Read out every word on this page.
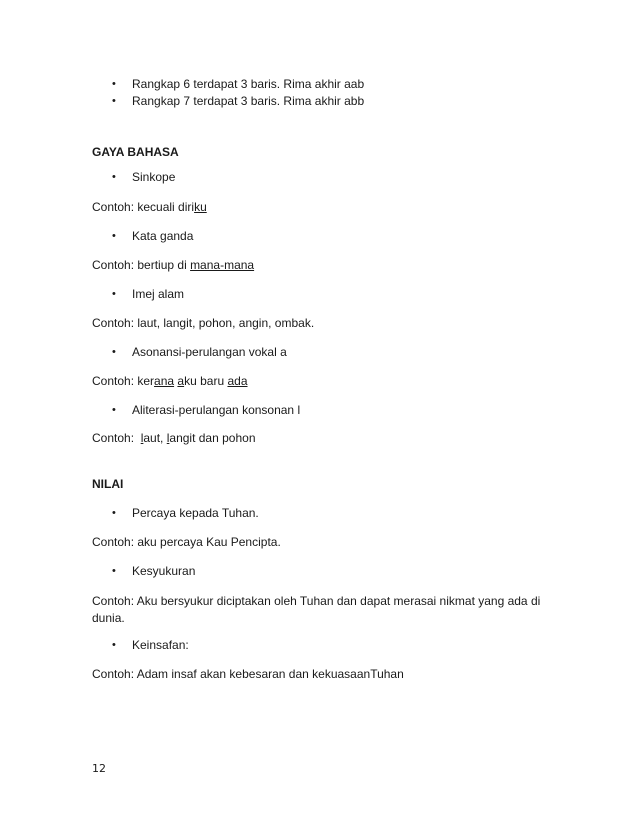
• Rangkap 6 terdapat 3 baris. Rima akhir aab
• Rangkap 7 terdapat 3 baris. Rima akhir abb
GAYA BAHASA
• Sinkope
Contoh: kecuali diriku
• Kata ganda
Contoh: bertiup di mana-mana
• Imej alam
Contoh: laut, langit, pohon, angin, ombak.
• Asonansi-perulangan vokal a
Contoh: kerana aku baru ada
• Aliterasi-perulangan konsonan l
Contoh:  laut, langit dan pohon
NILAI
• Percaya kepada Tuhan.
Contoh: aku percaya Kau Pencipta.
• Kesyukuran
Contoh: Aku bersyukur diciptakan oleh Tuhan dan dapat merasai nikmat yang ada di dunia.
• Keinsafan:
Contoh: Adam insaf akan kebesaran dan kekuasaanTuhan
12
